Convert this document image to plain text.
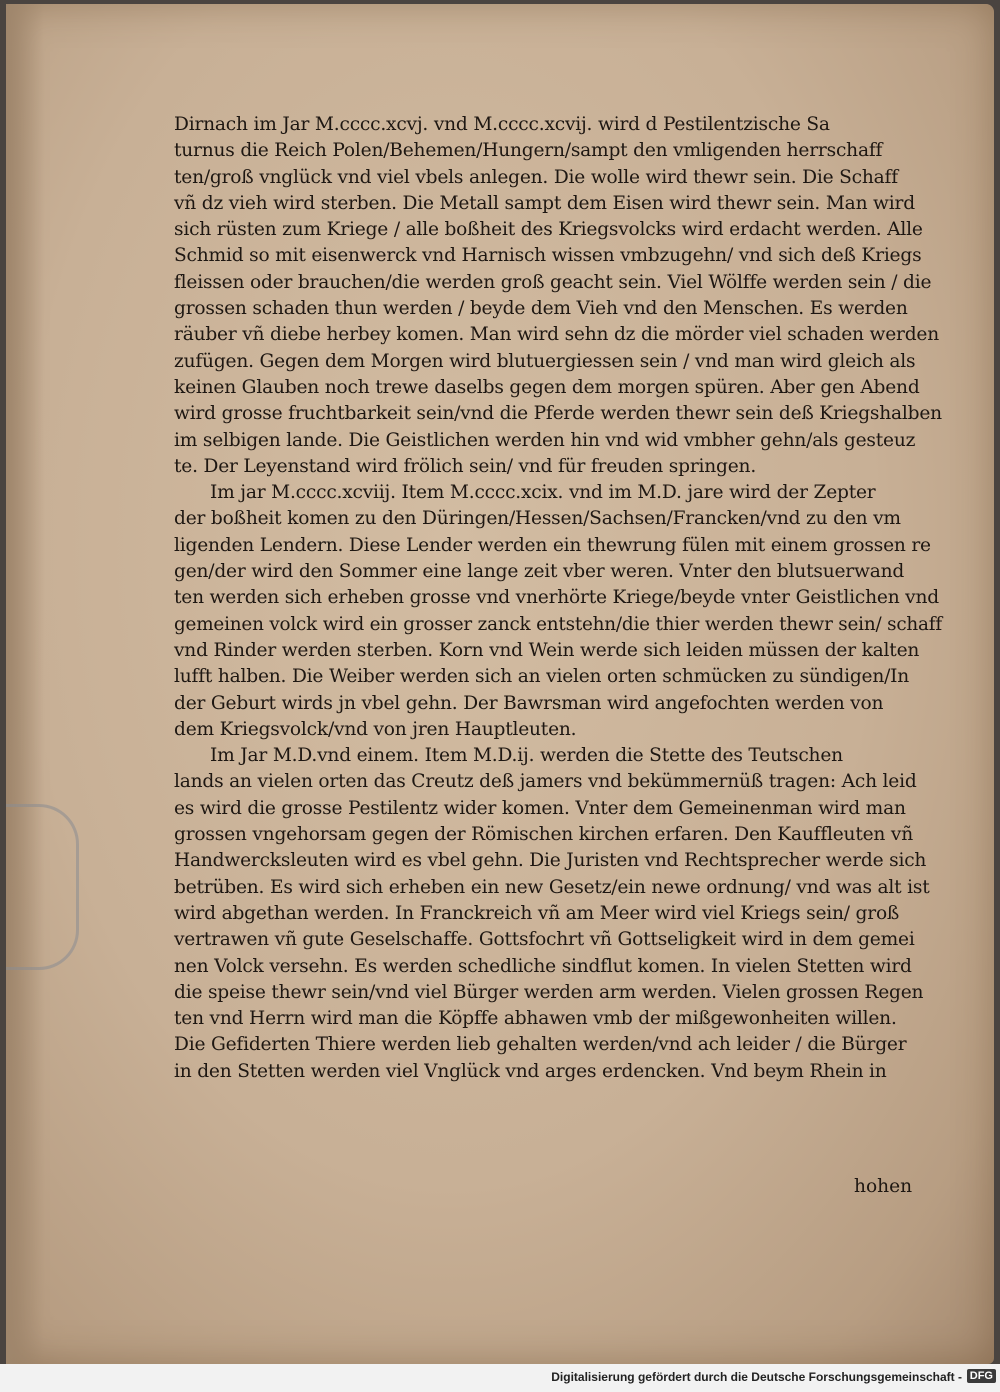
Dirnach im Jar M.cccc.xcvj. vnd M.cccc.xcvij. wird d Pestilentzische Sa
turnus die Reich Polen/Behemen/Hungern/sampt den vmligenden herrschaff
ten/groß vnglück vnd viel vbels anlegen. Die wolle wird thewr sein. Die Schaff
vñ dz vieh wird sterben. Die Metall sampt dem Eisen wird thewr sein. Man wird
sich rüsten zum Kriege / alle boßheit des Kriegsvolcks wird erdacht werden. Alle
Schmid so mit eisenwerck vnd Harnisch wissen vmbzugehn/ vnd sich deß Kriegs
fleissen oder brauchen/die werden groß geacht sein. Viel Wölffe werden sein / die
grossen schaden thun werden / beyde dem Vieh vnd den Menschen. Es werden
räuber vñ diebe herbey komen. Man wird sehn dz die mörder viel schaden werden
zufügen. Gegen dem Morgen wird blutuergiessen sein / vnd man wird gleich als
keinen Glauben noch trewe daselbs gegen dem morgen spüren. Aber gen Abend
wird grosse fruchtbarkeit sein/vnd die Pferde werden thewr sein deß Kriegshalben
im selbigen lande. Die Geistlichen werden hin vnd wid vmbher gehn/als gesteuz
te. Der Leyenstand wird frölich sein/ vnd für freuden springen.
Im jar M.cccc.xcviij. Item M.cccc.xcix. vnd im M.D. jare wird der Zepter
der boßheit komen zu den Düringen/Hessen/Sachsen/Francken/vnd zu den vm
ligenden Lendern. Diese Lender werden ein thewrung fülen mit einem grossen re
gen/der wird den Sommer eine lange zeit vber weren. Vnter den blutsuerwand
ten werden sich erheben grosse vnd vnerhörte Kriege/beyde vnter Geistlichen vnd
gemeinen volck wird ein grosser zanck entstehn/die thier werden thewr sein/ schaff
vnd Rinder werden sterben. Korn vnd Wein werde sich leiden müssen der kalten
lufft halben. Die Weiber werden sich an vielen orten schmücken zu sündigen/In
der Geburt wirds jn vbel gehn. Der Bawrsman wird angefochten werden von
dem Kriegsvolck/vnd von jren Hauptleuten.
Im Jar M.D.vnd einem. Item M.D.ij. werden die Stette des Teutschen
lands an vielen orten das Creutz deß jamers vnd bekümmernüß tragen: Ach leid
es wird die grosse Pestilentz wider komen. Vnter dem Gemeinenman wird man
grossen vngehorsam gegen der Römischen kirchen erfaren. Den Kauffleuten vñ
Handwercksleuten wird es vbel gehn. Die Juristen vnd Rechtsprecher werde sich
betrüben. Es wird sich erheben ein new Gesetz/ein newe ordnung/ vnd was alt ist
wird abgethan werden. In Franckreich vñ am Meer wird viel Kriegs sein/ groß
vertrawen vñ gute Geselschaffe. Gottsfochrt vñ Gottseligkeit wird in dem gemei
nen Volck versehn. Es werden schedliche sindflut komen. In vielen Stetten wird
die speise thewr sein/vnd viel Bürger werden arm werden. Vielen grossen Regen
ten vnd Herrn wird man die Köpffe abhawen vmb der mißgewonheiten willen.
Die Gefiderten Thiere werden lieb gehalten werden/vnd ach leider / die Bürger
in den Stetten werden viel Vnglück vnd arges erdencken. Vnd beym Rhein in
hohen
Digitalisierung gefördert durch die Deutsche Forschungsgemeinschaft - DFG
